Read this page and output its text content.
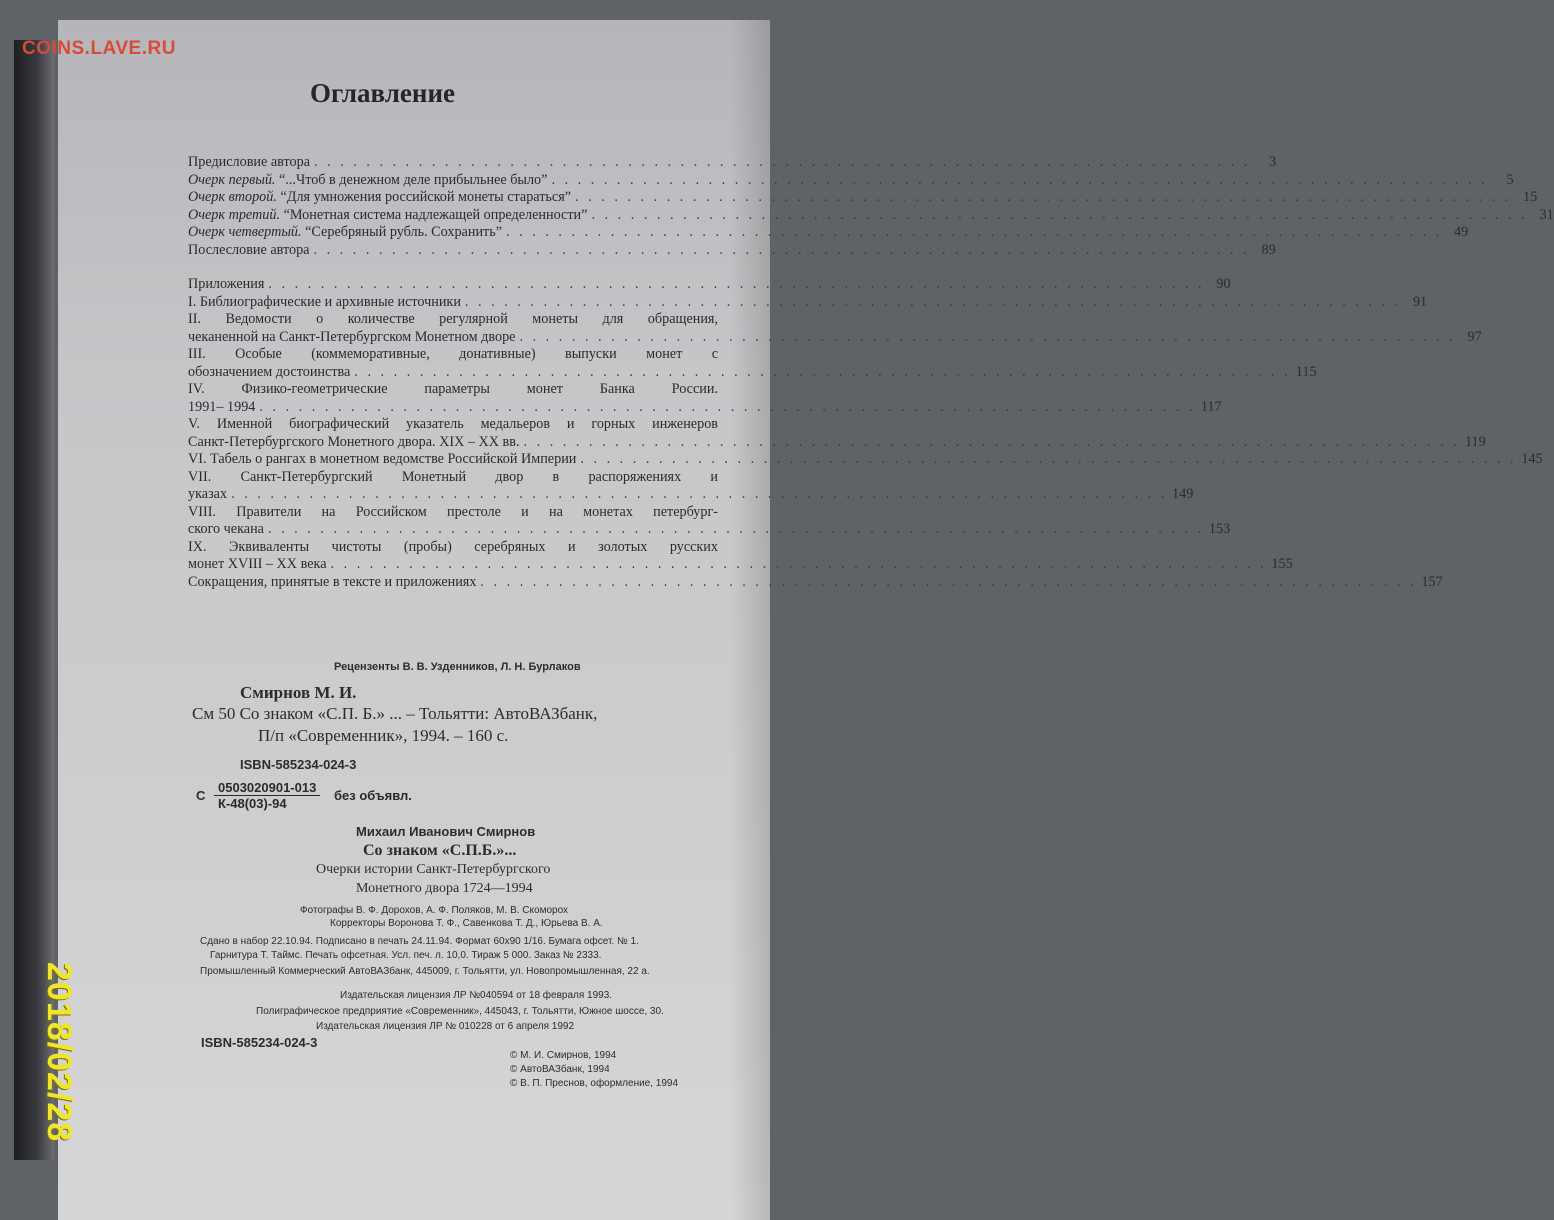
COINS.LAVE.RU
2018/02/28
Оглавление
Предисловие автора . . .	3
Очерк первый. “...Чтоб в денежном деле прибыльнее было” . . .	5
Очерк второй. “Для умножения российской монеты стараться” . . .	15
Очерк третий. “Монетная система надлежащей определенности” . . .	31
Очерк четвертый. “Серебряный рубль. Сохранить” . . .	49
Послесловие автора . . .	89
Приложения . . .	90
I. Библиографические и архивные источники . . .	91
II. Ведомости о количестве регулярной монеты для обращения,
чеканенной на Санкт-Петербургском Монетном дворе . . .	97
III. Особые (коммеморативные, донативные) выпуски монет с
обозначением достоинства . . .	115
IV. Физико-геометрические параметры монет Банка России.
1991– 1994 . . .	117
V. Именной биографический указатель медальеров и горных инженеров
Санкт-Петербургского Монетного двора. XIX – XX вв. . . .	119
VI. Табель о рангах в монетном ведомстве Российской Империи . . .	145
VII. Санкт-Петербургский Монетный двор в распоряжениях и
указах . . .	149
VIII. Правители на Российском престоле и на монетах петербург-
ского чекана . . .	153
IX. Эквиваленты чистоты (пробы) серебряных и золотых русских
монет XVIII – XX века . . .	155
Сокращения, принятые в тексте и приложениях . . .	157
Рецензенты В. В. Узденников, Л. Н. Бурлаков
Смирнов М. И.
См 50 Со знаком «С.П. Б.» ... – Тольятти: АвтоВАЗбанк,
П/п «Современник», 1994. – 160 с.
ISBN-585234-024-3
С
0503020901-013
К-48(03)-94
без объявл.
Михаил Иванович Смирнов
Со знаком «С.П.Б.»...
Очерки истории Санкт-Петербургского
Монетного двора 1724—1994
Фотографы В. Ф. Дорохов, А. Ф. Поляков, М. В. Скоморох
Корректоры Воронова Т. Ф., Савенкова Т. Д., Юрьева В. А.
Сдано в набор 22.10.94. Подписано в печать 24.11.94. Формат 60х90 1/16. Бумага офсет. № 1.
Гарнитура Т. Таймс. Печать офсетная. Усл. печ. л. 10,0. Тираж 5 000. Заказ № 2333.
Промышленный Коммерческий АвтоВАЗбанк, 445009, г. Тольятти, ул. Новопромышленная, 22 а.
Издательская лицензия ЛР №040594 от 18 февраля 1993.
Полиграфическое предприятие «Современник», 445043, г. Тольятти, Южное шоссе, 30.
Издательская лицензия ЛР № 010228 от 6 апреля 1992
ISBN-585234-024-3
© М. И. Смирнов, 1994
© АвтоВАЗбанк, 1994
© В. П. Преснов, оформление, 1994
